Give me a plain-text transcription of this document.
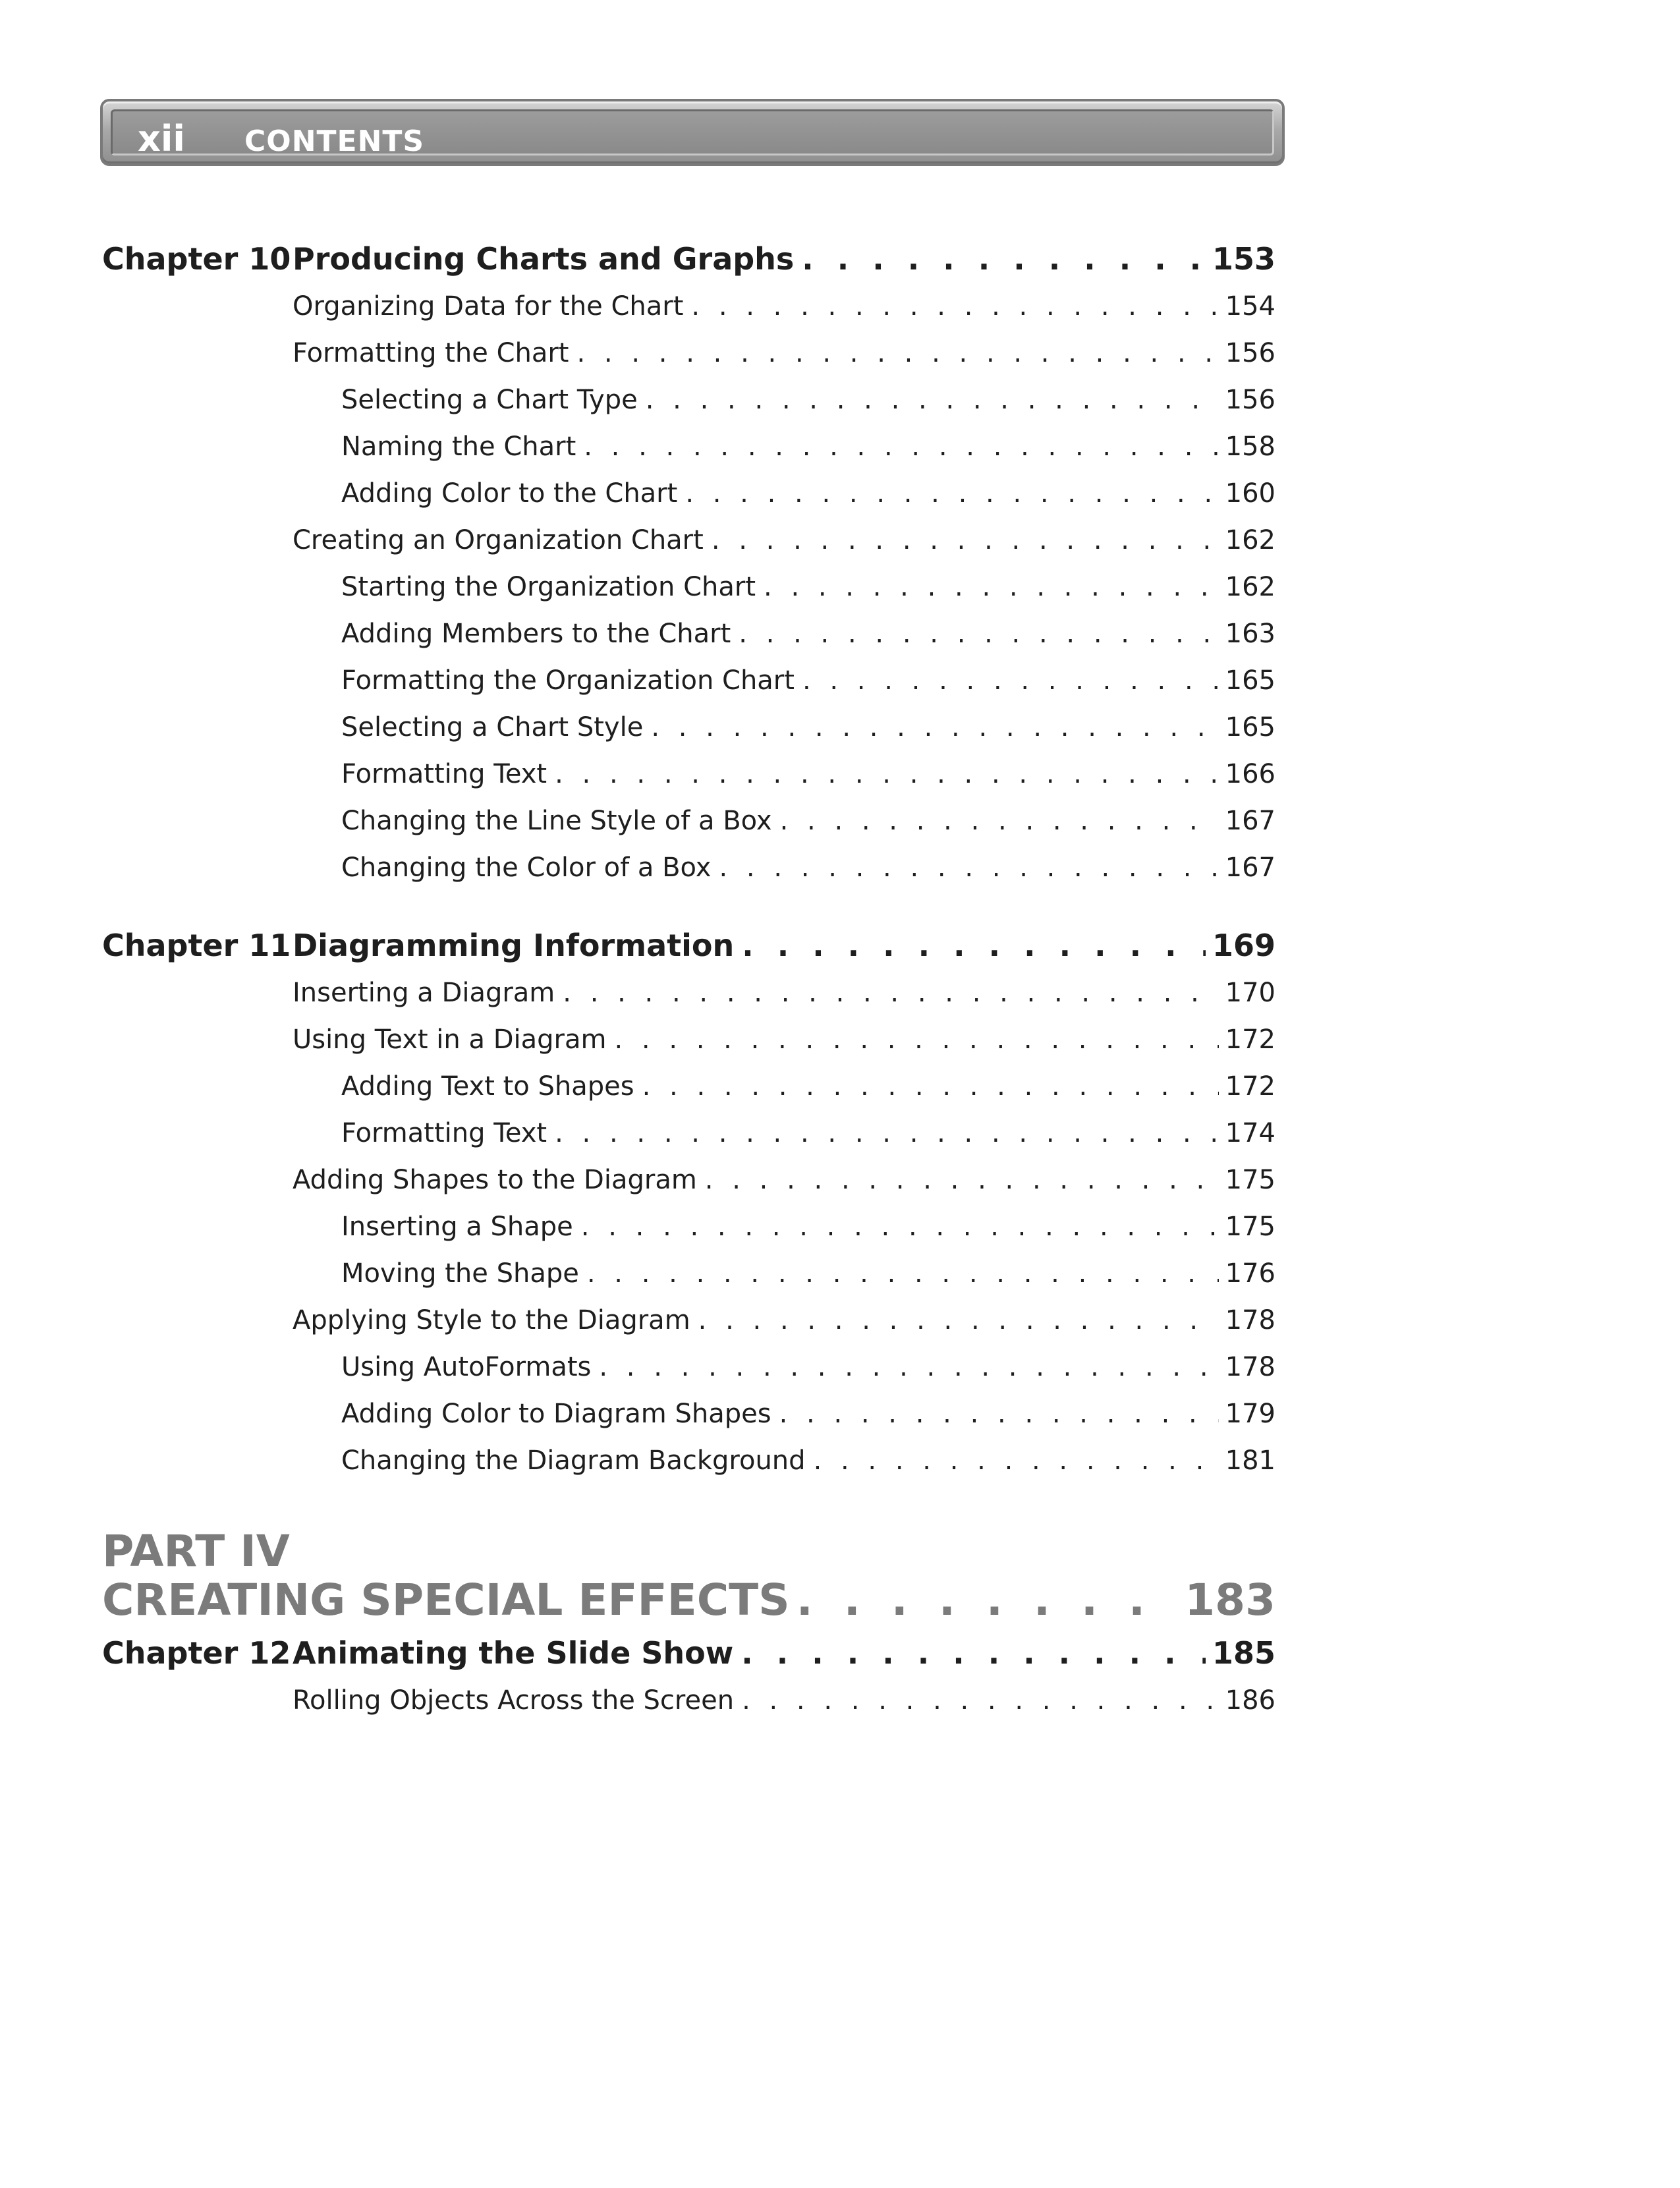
xii CONTENTS
Chapter 10 Producing Charts and Graphs . . .	153
Organizing Data for the Chart . . .	154
Formatting the Chart . . .	156
Selecting a Chart Type . . .	156
Naming the Chart . . .	158
Adding Color to the Chart . . .	160
Creating an Organization Chart . . .	162
Starting the Organization Chart . . .	162
Adding Members to the Chart . . .	163
Formatting the Organization Chart . . .	165
Selecting a Chart Style . . .	165
Formatting Text . . .	166
Changing the Line Style of a Box . . .	167
Changing the Color of a Box . . .	167
Chapter 11 Diagramming Information . . .	169
Inserting a Diagram . . .	170
Using Text in a Diagram . . .	172
Adding Text to Shapes . . .	172
Formatting Text . . .	174
Adding Shapes to the Diagram . . .	175
Inserting a Shape . . .	175
Moving the Shape . . .	176
Applying Style to the Diagram . . .	178
Using AutoFormats . . .	178
Adding Color to Diagram Shapes . . .	179
Changing the Diagram Background . . .	181
PART IV
CREATING SPECIAL EFFECTS . . .	183
Chapter 12 Animating the Slide Show . . .	185
Rolling Objects Across the Screen . . .	186
